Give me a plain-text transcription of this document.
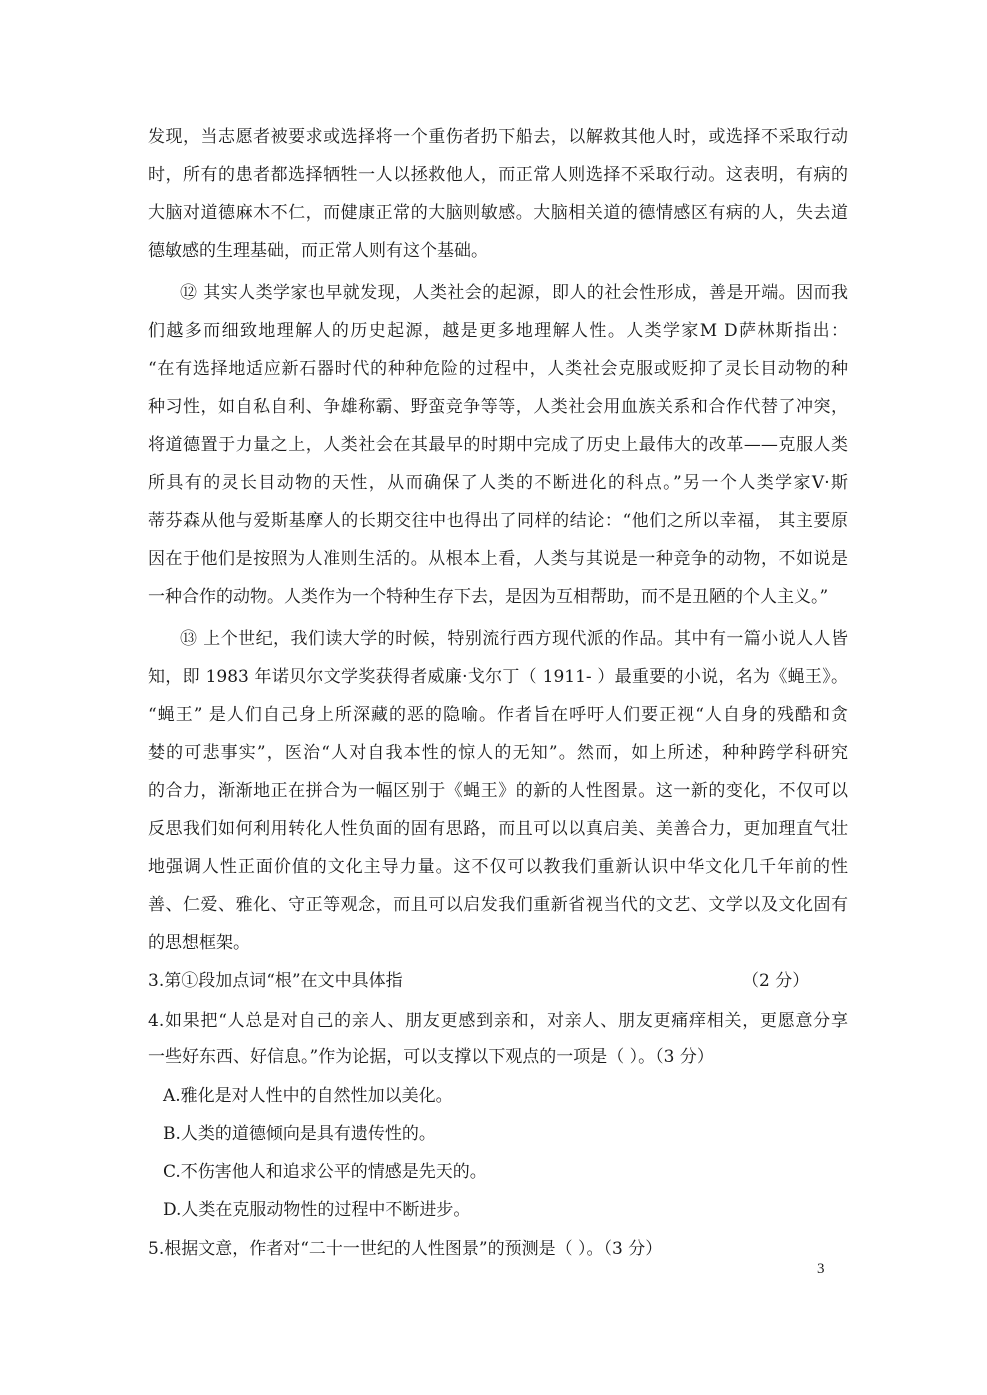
发现，当志愿者被要求或选择将一个重伤者扔下船去，以解救其他人时，或选择不采取行动
时，所有的患者都选择牺牲一人以拯救他人，而正常人则选择不采取行动。这表明，有病的
大脑对道德麻木不仁，而健康正常的大脑则敏感。大脑相关道的德情感区有病的人，失去道
德敏感的生理基础，而正常人则有这个基础。
⑫ 其实人类学家也早就发现，人类社会的起源，即人的社会性形成，善是开端。因而我
们越多而细致地理解人的历史起源，越是更多地理解人性。人类学家M D萨林斯指出：
“在有选择地适应新石器时代的种种危险的过程中，人类社会克服或贬抑了灵长目动物的种
种习性，如自私自利、争雄称霸、野蛮竞争等等，人类社会用血族关系和合作代替了冲突，
将道德置于力量之上，人类社会在其最早的时期中完成了历史上最伟大的改革——克服人类
所具有的灵长目动物的天性，从而确保了人类的不断进化的科点。”另一个人类学家V·斯
蒂芬森从他与爱斯基摩人的长期交往中也得出了同样的结论：“他们之所以幸福， 其主要原
因在于他们是按照为人准则生活的。从根本上看，人类与其说是一种竞争的动物，不如说是
一种合作的动物。人类作为一个特种生存下去，是因为互相帮助，而不是丑陋的个人主义。”
⑬ 上个世纪，我们读大学的时候，特别流行西方现代派的作品。其中有一篇小说人人皆
知，即 1983 年诺贝尔文学奖获得者威廉·戈尔丁（ 1911- ）最重要的小说，名为《蝇王》。
“蝇王” 是人们自己身上所深藏的恶的隐喻。作者旨在呼吁人们要正视“人自身的残酷和贪
婪的可悲事实”，医治“人对自我本性的惊人的无知”。然而，如上所述，种种跨学科研究
的合力，渐渐地正在拼合为一幅区别于《蝇王》的新的人性图景。这一新的变化，不仅可以
反思我们如何利用转化人性负面的固有思路，而且可以以真启美、美善合力，更加理直气壮
地强调人性正面价值的文化主导力量。这不仅可以教我们重新认识中华文化几千年前的性
善、仁爱、雅化、守正等观念，而且可以启发我们重新省视当代的文艺、文学以及文化固有
的思想框架。
3.第①段加点词“根”在文中具体指	（2 分）
4.如果把“人总是对自己的亲人、朋友更感到亲和，对亲人、朋友更痛痒相关，更愿意分享
一些好东西、好信息。”作为论据，可以支撑以下观点的一项是（ ）。（3 分）
A.雅化是对人性中的自然性加以美化。
B.人类的道德倾向是具有遗传性的。
C.不伤害他人和追求公平的情感是先天的。
D.人类在克服动物性的过程中不断进步。
5.根据文意，作者对“二十一世纪的人性图景”的预测是（ ）。（3 分）
3
